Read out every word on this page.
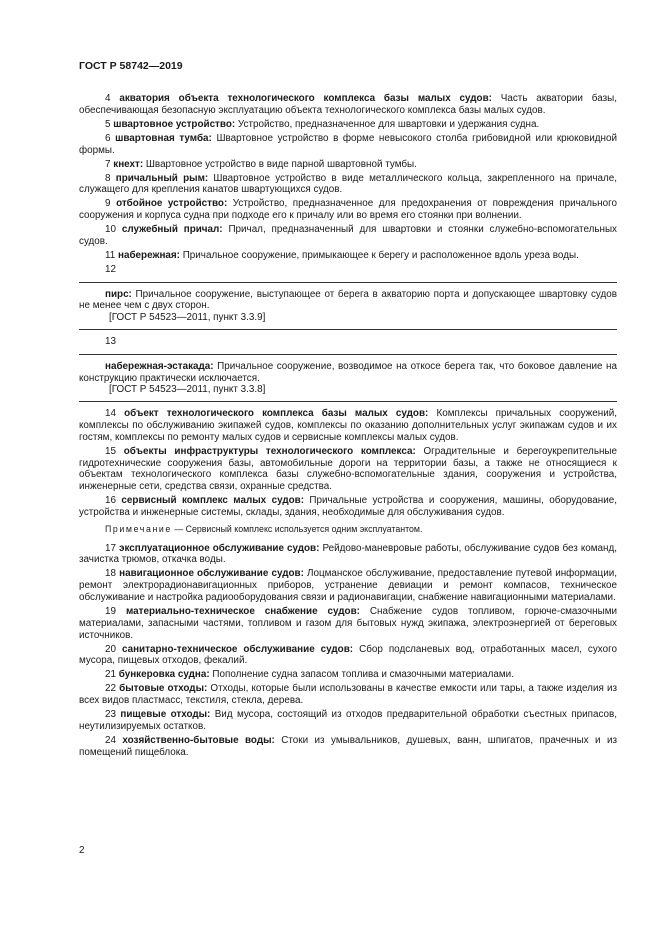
ГОСТ Р 58742—2019

4 акватория объекта технологического комплекса базы малых судов: Часть акватории базы, обеспечивающая безопасную эксплуатацию объекта технологического комплекса базы малых судов.

5 швартовное устройство: Устройство, предназначенное для швартовки и удержания судна.

6 швартовная тумба: Швартовное устройство в форме невысокого столба грибовидной или крюковидной формы.

7 кнехт: Швартовное устройство в виде парной швартовной тумбы.

8 причальный рым: Швартовное устройство в виде металлического кольца, закрепленного на причале, служащего для крепления канатов швартующихся судов.

9 отбойное устройство: Устройство, предназначенное для предохранения от повреждения причального сооружения и корпуса судна при подходе его к причалу или во время его стоянки при волнении.

10 служебный причал: Причал, предназначенный для швартовки и стоянки служебно-вспомогательных судов.

11 набережная: Причальное сооружение, примыкающее к берегу и расположенное вдоль уреза воды.

12

пирс: Причальное сооружение, выступающее от берега в акваторию порта и допускающее швартовку судов не менее чем с двух сторон.

[ГОСТ Р 54523—2011, пункт 3.3.9]

13

набережная-эстакада: Причальное сооружение, возводимое на откосе берега так, что боковое давление на конструкцию практически исключается.

[ГОСТ Р 54523—2011, пункт 3.3.8]

14 объект технологического комплекса базы малых судов: Комплексы причальных сооружений, комплексы по обслуживанию экипажей судов, комплексы по оказанию дополнительных услуг экипажам судов и их гостям, комплексы по ремонту малых судов и сервисные комплексы малых судов.

15 объекты инфраструктуры технологического комплекса: Оградительные и берегоукрепительные гидротехнические сооружения базы, автомобильные дороги на территории базы, а также не относящиеся к объектам технологического комплекса базы служебно-вспомогательные здания, сооружения и устройства, инженерные сети, средства связи, охранные средства.

16 сервисный комплекс малых судов: Причальные устройства и сооружения, машины, оборудование, устройства и инженерные системы, склады, здания, необходимые для обслуживания судов.

Примечание — Сервисный комплекс используется одним эксплуатантом.

17 эксплуатационное обслуживание судов: Рейдово-маневровые работы, обслуживание судов без команд, зачистка трюмов, откачка воды.

18 навигационное обслуживание судов: Лоцманское обслуживание, предоставление путевой информации, ремонт электрорадионавигационных приборов, устранение девиации и ремонт компасов, техническое обслуживание и настройка радиооборудования связи и радионавигации, снабжение навигационными материалами.

19 материально-техническое снабжение судов: Снабжение судов топливом, горюче-смазочными материалами, запасными частями, топливом и газом для бытовых нужд экипажа, электроэнергией от береговых источников.

20 санитарно-техническое обслуживание судов: Сбор подсланевых вод, отработанных масел, сухого мусора, пищевых отходов, фекалий.

21 бункеровка судна: Пополнение судна запасом топлива и смазочными материалами.

22 бытовые отходы: Отходы, которые были использованы в качестве емкости или тары, а также изделия из всех видов пластмасс, текстиля, стекла, дерева.

23 пищевые отходы: Вид мусора, состоящий из отходов предварительной обработки съестных припасов, неутилизируемых остатков.

24 хозяйственно-бытовые воды: Стоки из умывальников, душевых, ванн, шпигатов, прачечных и из помещений пищеблока.

2
